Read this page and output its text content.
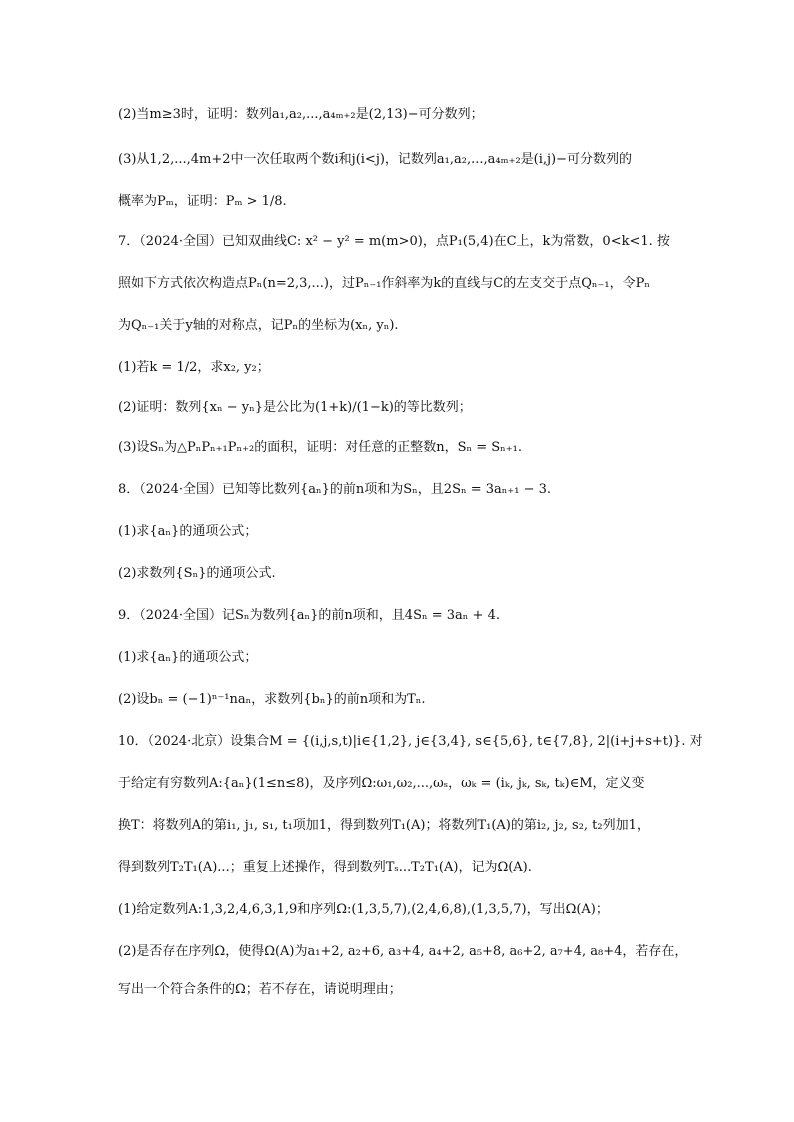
(2)当m≥3时，证明：数列a₁,a₂,...,a₄ₘ₊₂是(2,13)−可分数列；
(3)从1,2,...,4m+2中一次任取两个数i和j(i<j)，记数列a₁,a₂,...,a₄ₘ₊₂是(i,j)−可分数列的
概率为Pₘ，证明：Pₘ > 1/8.
7．（2024·全国）已知双曲线C: x² − y² = m(m>0)，点P₁(5,4)在C上，k为常数，0<k<1. 按
照如下方式依次构造点Pₙ(n=2,3,...)，过Pₙ₋₁作斜率为k的直线与C的左支交于点Qₙ₋₁，令Pₙ
为Qₙ₋₁关于y轴的对称点，记Pₙ的坐标为(xₙ, yₙ).
(1)若k = 1/2，求x₂, y₂；
(2)证明：数列{xₙ − yₙ}是公比为(1+k)/(1−k)的等比数列；
(3)设Sₙ为△PₙPₙ₊₁Pₙ₊₂的面积，证明：对任意的正整数n，Sₙ = Sₙ₊₁.
8．（2024·全国）已知等比数列{aₙ}的前n项和为Sₙ，且2Sₙ = 3aₙ₊₁ − 3.
(1)求{aₙ}的通项公式；
(2)求数列{Sₙ}的通项公式.
9．（2024·全国）记Sₙ为数列{aₙ}的前n项和，且4Sₙ = 3aₙ + 4.
(1)求{aₙ}的通项公式；
(2)设bₙ = (−1)ⁿ⁻¹naₙ，求数列{bₙ}的前n项和为Tₙ.
10．（2024·北京）设集合M = {(i,j,s,t)|i∈{1,2}, j∈{3,4}, s∈{5,6}, t∈{7,8}, 2|(i+j+s+t)}. 对
于给定有穷数列A:{aₙ}(1≤n≤8)，及序列Ω:ω₁,ω₂,...,ωₛ，ωₖ = (iₖ, jₖ, sₖ, tₖ)∈M，定义变
换T：将数列A的第i₁, j₁, s₁, t₁项加1，得到数列T₁(A)；将数列T₁(A)的第i₂, j₂, s₂, t₂列加1，
得到数列T₂T₁(A)...；重复上述操作，得到数列Tₛ...T₂T₁(A)，记为Ω(A).
(1)给定数列A:1,3,2,4,6,3,1,9和序列Ω:(1,3,5,7),(2,4,6,8),(1,3,5,7)，写出Ω(A)；
(2)是否存在序列Ω，使得Ω(A)为a₁+2, a₂+6, a₃+4, a₄+2, a₅+8, a₆+2, a₇+4, a₈+4，若存在，
写出一个符合条件的Ω；若不存在，请说明理由；
